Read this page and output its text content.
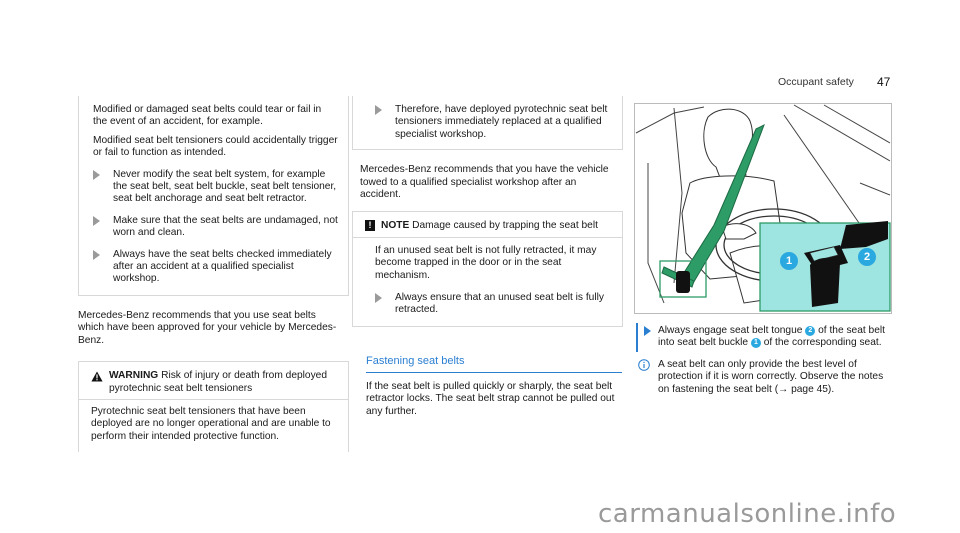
Occupant safety 47

Modified or damaged seat belts could tear or fail in the event of an accident, for example.

Modified seat belt tensioners could accidentally trigger or fail to function as intended.

Never modify the seat belt system, for example the seat belt, seat belt buckle, seat belt tensioner, seat belt anchorage and seat belt retractor.

Make sure that the seat belts are undamaged, not worn and clean.

Always have the seat belts checked immediately after an accident at a qualified specialist workshop.

Mercedes-Benz recommends that you use seat belts which have been approved for your vehicle by Mercedes-Benz.

WARNING Risk of injury or death from deployed pyrotechnic seat belt tensioners

Pyrotechnic seat belt tensioners that have been deployed are no longer operational and are unable to perform their intended protective function.

Therefore, have deployed pyrotechnic seat belt tensioners immediately replaced at a qualified specialist workshop.

Mercedes-Benz recommends that you have the vehicle towed to a qualified specialist workshop after an accident.

! NOTE Damage caused by trapping the seat belt

If an unused seat belt is not fully retracted, it may become trapped in the door or in the seat mechanism.

Always ensure that an unused seat belt is fully retracted.

Fastening seat belts

If the seat belt is pulled quickly or sharply, the seat belt retractor locks. The seat belt strap cannot be pulled out any further.

1	2

Always engage seat belt tongue 2 of the seat belt into seat belt buckle 1 of the corresponding seat.

A seat belt can only provide the best level of protection if it is worn correctly. Observe the notes on fastening the seat belt (→ page 45).

carmanualsonline.info
